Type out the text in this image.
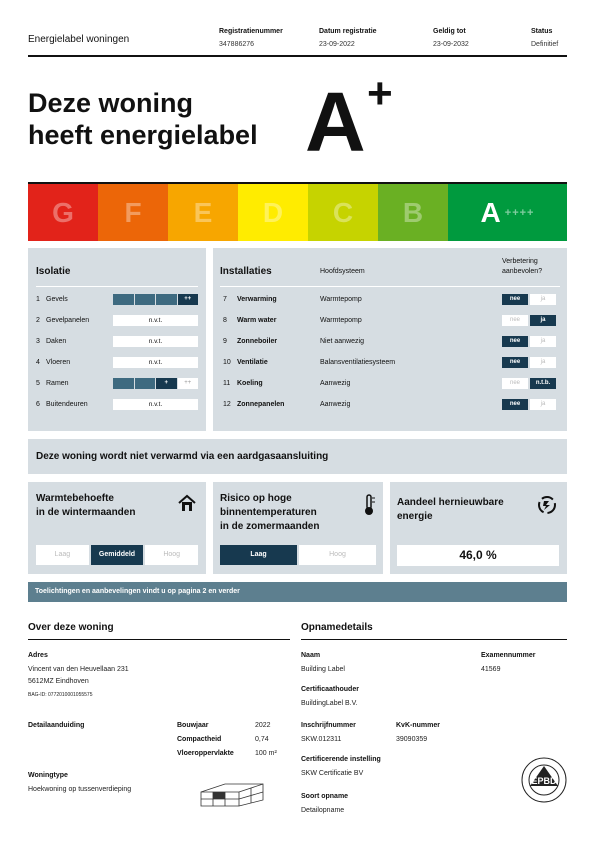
Energielabel woningen
Registratienummer
347886276
Datum registratie
23-09-2022
Geldig tot
23-09-2032
Status
Definitief
Deze woning
heeft energielabel A +
G F E D C B A ++++
Isolatie
1 Gevels	++
2 Gevelpanelen	n.v.t.
3 Daken	n.v.t.
4 Vloeren	n.v.t.
5 Ramen	+	++
6 Buitendeuren	n.v.t.
Installaties	Hoofdsysteem
Verbetering
aanbevolen?
7 Verwarming	Warmtepomp	nee	ja
8 Warm water	Warmtepomp	nee	ja
9 Zonneboiler	Niet aanwezig	nee	ja
10 Ventilatie	Balansventilatiesysteem	nee	ja
11 Koeling	Aanwezig	nee	n.t.b.
12 Zonnepanelen	Aanwezig	nee	ja
Deze woning wordt niet verwarmd via een aardgasaansluiting
Warmtebehoefte
in de wintermaanden
Laag	Gemiddeld	Hoog
Risico op hoge
binnentemperaturen
in de zomermaanden
Laag	Hoog
Aandeel hernieuwbare
energie
46,0 %
Toelichtingen en aanbevelingen vindt u op pagina 2 en verder
Over deze woning
Adres
Vincent van den Heuvellaan 231
5612MZ Eindhoven
BAG-ID: 0772010001055575
Detailaanduiding	Bouwjaar	2022
Compactheid	0,74
Vloeroppervlakte	100 m²
Woningtype
Hoekwoning op tussenverdieping
Opnamedetails
Naam
Building Label
Examennummer
41569
Certificaathouder
BuildingLabel B.V.
Inschrijfnummer
SKW.012311
KvK-nummer
39090359
Certificerende instelling
SKW Certificatie BV
Soort opname
Detailopname
EPBD
